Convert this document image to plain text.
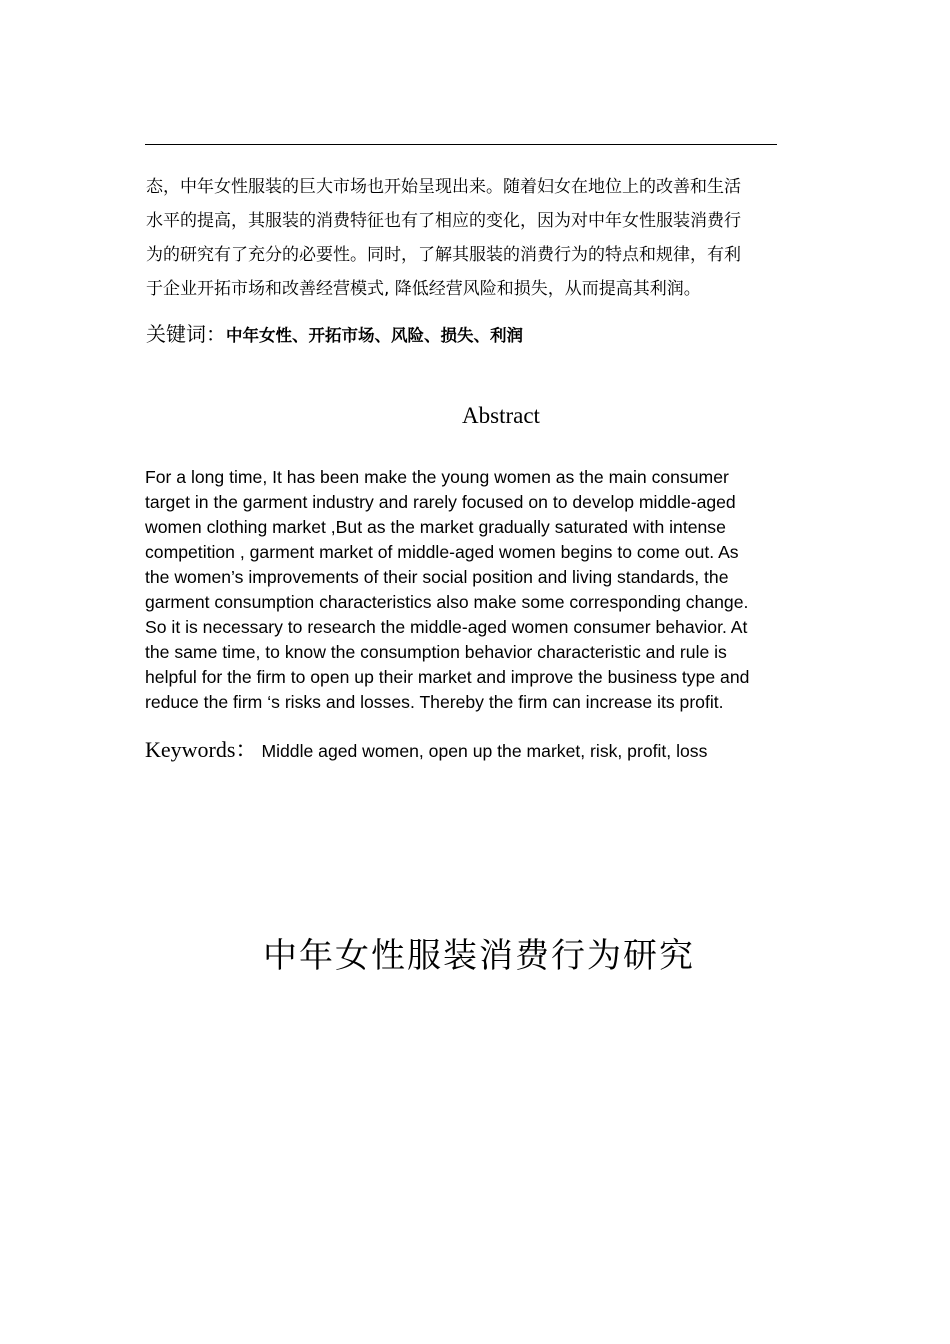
态，中年女性服装的巨大市场也开始呈现出来。随着妇女在地位上的改善和生活
水平的提高，其服装的消费特征也有了相应的变化，因为对中年女性服装消费行
为的研究有了充分的必要性。同时，了解其服装的消费行为的特点和规律，有利
于企业开拓市场和改善经营模式, 降低经营风险和损失，从而提高其利润。
关键词：中年女性、开拓市场、风险、损失、利润
Abstract
For a long time, It has been make the young women as the main consumer
target in the garment industry and rarely focused on to develop middle-aged
women clothing market ,But as the market gradually saturated with intense
competition , garment market of middle-aged women begins to come out. As
the women’s improvements of their social position and living standards, the
garment consumption characteristics also make some corresponding change.
So it is necessary to research the middle-aged women consumer behavior. At
the same time, to know the consumption behavior characteristic and rule is
helpful for the firm to open up their market and improve the business type and
reduce the firm ‘s risks and losses. Thereby the firm can increase its profit.
Keywords： Middle aged women, open up the market, risk, profit, loss
中年女性服装消费行为研究
